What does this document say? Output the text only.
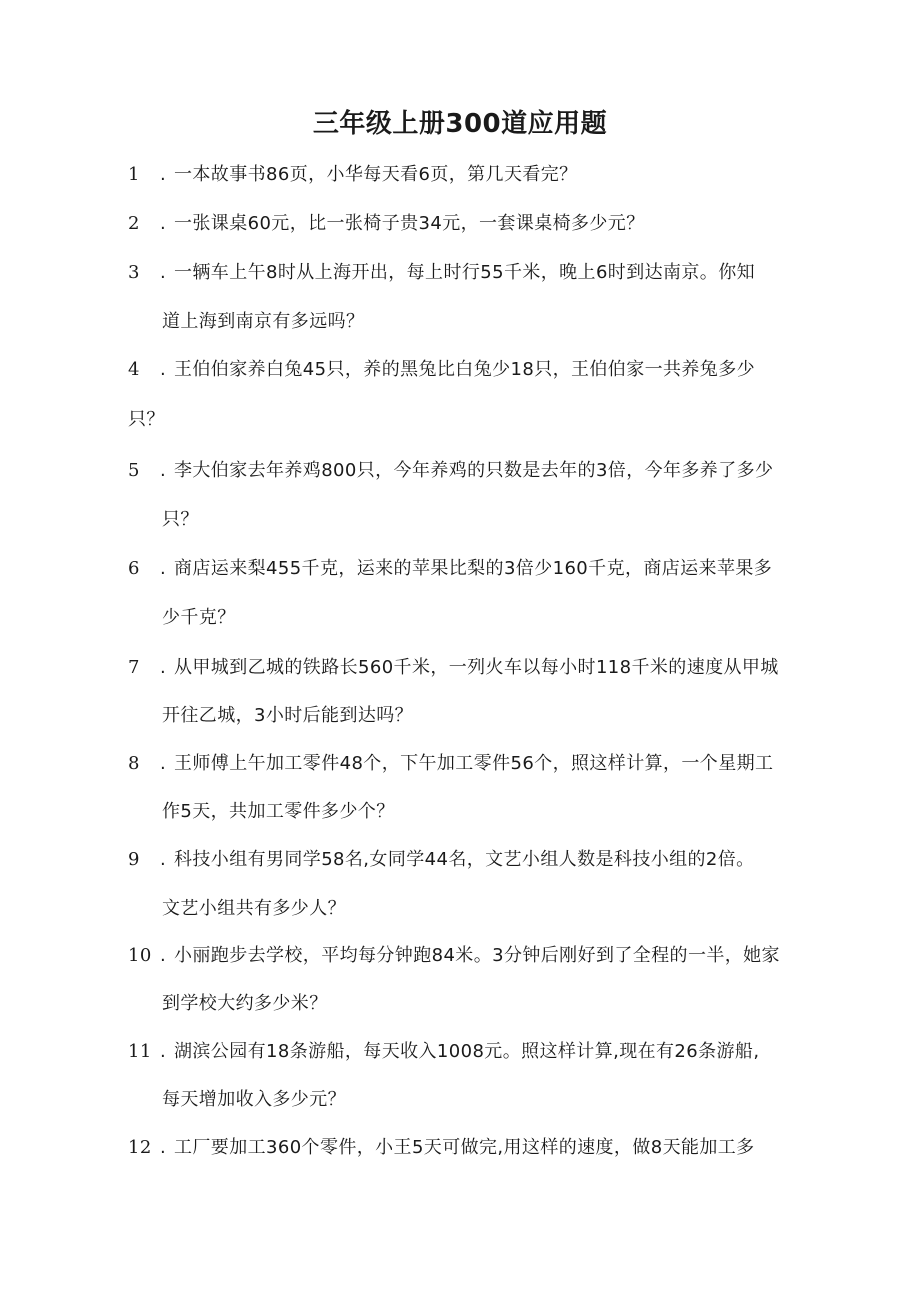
三年级上册300道应用题
1 . 一本故事书86页，小华每天看6页，第几天看完？
2 . 一张课桌60元，比一张椅子贵34元，一套课桌椅多少元？
3 . 一辆车上午8时从上海开出，每上时行55千米，晚上6时到达南京。你知
道上海到南京有多远吗？
4 . 王伯伯家养白兔45只，养的黑兔比白兔少18只，王伯伯家一共养兔多少
只？
5 . 李大伯家去年养鸡800只，今年养鸡的只数是去年的3倍，今年多养了多少
只？
6 . 商店运来梨455千克，运来的苹果比梨的3倍少160千克，商店运来苹果多
少千克？
7 . 从甲城到乙城的铁路长560千米，一列火车以每小时118千米的速度从甲城
开往乙城，3小时后能到达吗？
8 . 王师傅上午加工零件48个，下午加工零件56个，照这样计算，一个星期工
作5天，共加工零件多少个？
9 . 科技小组有男同学58名,女同学44名，文艺小组人数是科技小组的2倍。
文艺小组共有多少人？
10 . 小丽跑步去学校，平均每分钟跑84米。3分钟后刚好到了全程的一半，她家
到学校大约多少米？
11 . 湖滨公园有18条游船，每天收入1008元。照这样计算,现在有26条游船,
每天增加收入多少元？
12 . 工厂要加工360个零件，小王5天可做完,用这样的速度，做8天能加工多
